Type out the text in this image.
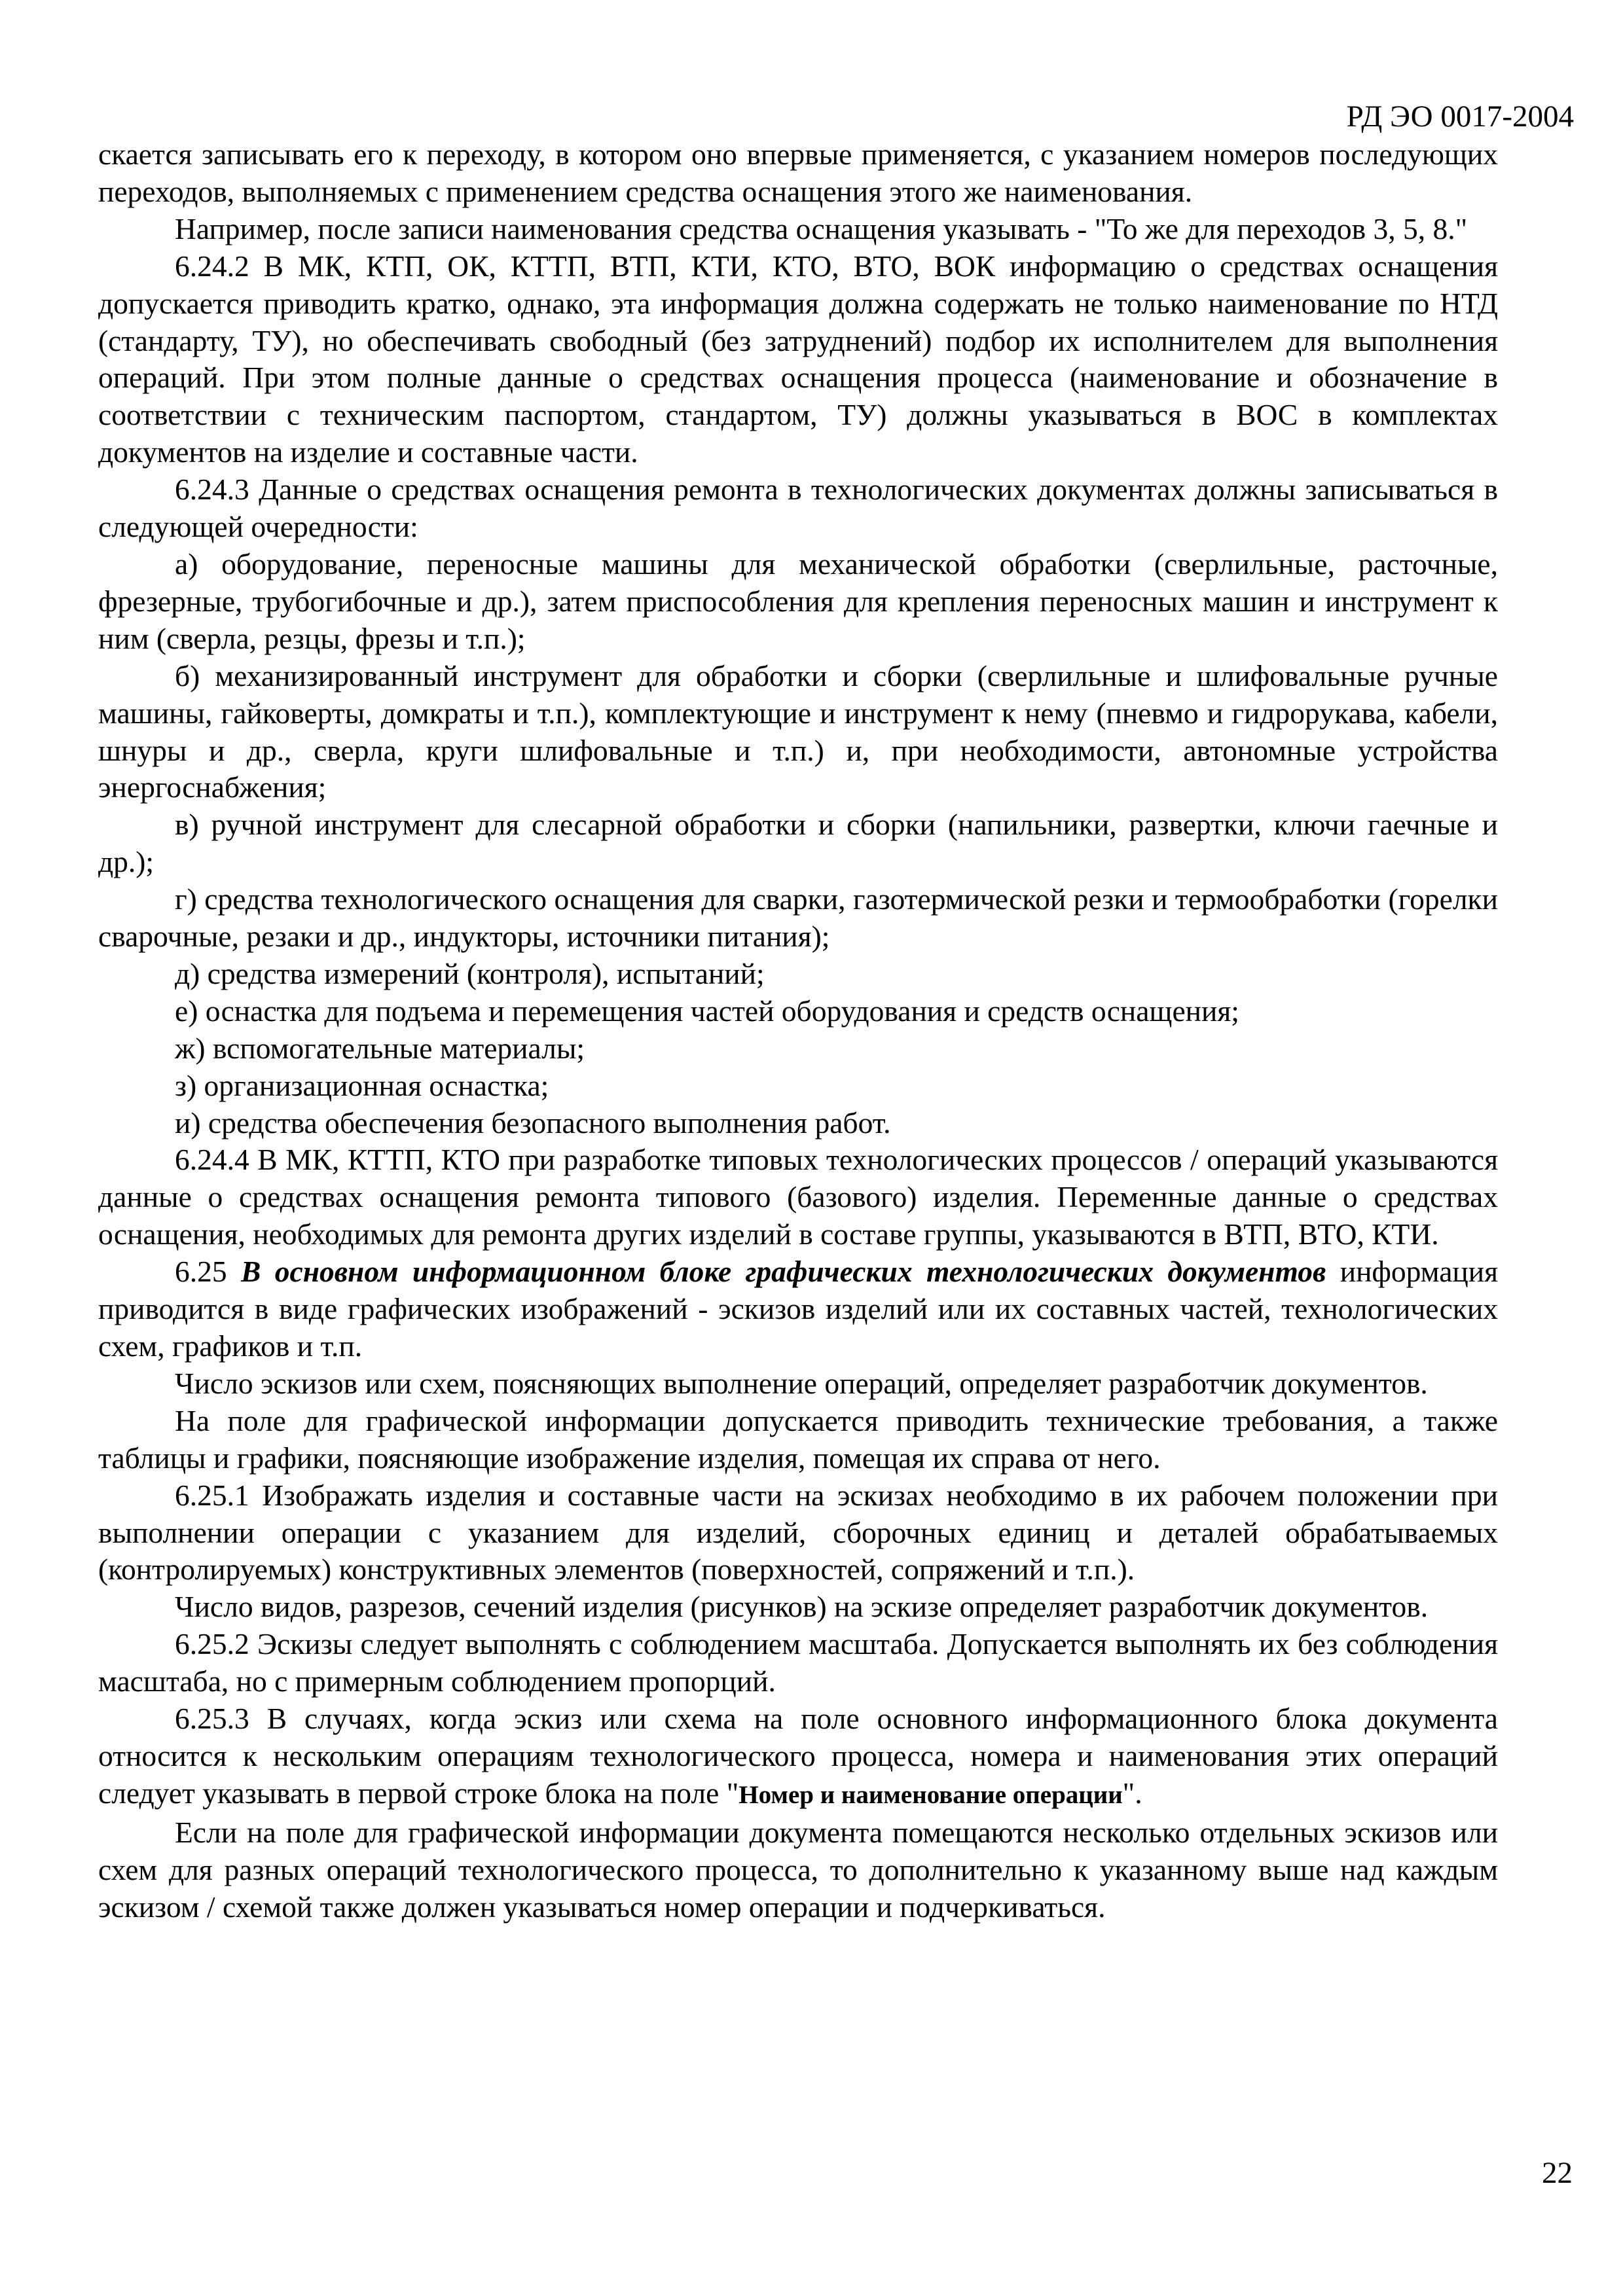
РД ЭО 0017-2004

скается записывать его к переходу, в котором оно впервые применяется, с указанием номеров последующих переходов, выполняемых с применением средства оснащения этого же наименования.

Например, после записи наименования средства оснащения указывать - "То же для переходов 3, 5, 8."

6.24.2 В МК, КТП, ОК, КТТП, ВТП, КТИ, КТО, ВТО, ВОК информацию о средствах оснащения допускается приводить кратко, однако, эта информация должна содержать не только наименование по НТД (стандарту, ТУ), но обеспечивать свободный (без затруднений) подбор их исполнителем для выполнения операций. При этом полные данные о средствах оснащения процесса (наименование и обозначение в соответствии с техническим паспортом, стандартом, ТУ) должны указываться в ВОС в комплектах документов на изделие и составные части.

6.24.3 Данные о средствах оснащения ремонта в технологических документах должны записываться в следующей очередности:

а) оборудование, переносные машины для механической обработки (сверлильные, расточные, фрезерные, трубогибочные и др.), затем приспособления для крепления переносных машин и инструмент к ним (сверла, резцы, фрезы и т.п.);

б) механизированный инструмент для обработки и сборки (сверлильные и шлифовальные ручные машины, гайковерты, домкраты и т.п.), комплектующие и инструмент к нему (пневмо и гидрорукава, кабели, шнуры и др., сверла, круги шлифовальные и т.п.) и, при необходимости, автономные устройства энергоснабжения;

в) ручной инструмент для слесарной обработки и сборки (напильники, развертки, ключи гаечные и др.);

г) средства технологического оснащения для сварки, газотермической резки и термообработки (горелки сварочные, резаки и др., индукторы, источники питания);

д) средства измерений (контроля), испытаний;

е) оснастка для подъема и перемещения частей оборудования и средств оснащения;

ж) вспомогательные материалы;

з) организационная оснастка;

и) средства обеспечения безопасного выполнения работ.

6.24.4 В МК, КТТП, КТО при разработке типовых технологических процессов / операций указываются данные о средствах оснащения ремонта типового (базового) изделия. Переменные данные о средствах оснащения, необходимых для ремонта других изделий в составе группы, указываются в ВТП, ВТО, КТИ.

6.25 В основном информационном блоке графических технологических документов информация приводится в виде графических изображений - эскизов изделий или их составных частей, технологических схем, графиков и т.п.

Число эскизов или схем, поясняющих выполнение операций, определяет разработчик документов.

На поле для графической информации допускается приводить технические требования, а также таблицы и графики, поясняющие изображение изделия, помещая их справа от него.

6.25.1 Изображать изделия и составные части на эскизах необходимо в их рабочем положении при выполнении операции с указанием для изделий, сборочных единиц и деталей обрабатываемых (контролируемых) конструктивных элементов (поверхностей, сопряжений и т.п.).

Число видов, разрезов, сечений изделия (рисунков) на эскизе определяет разработчик документов.

6.25.2 Эскизы следует выполнять с соблюдением масштаба. Допускается выполнять их без соблюдения масштаба, но с примерным соблюдением пропорций.

6.25.3 В случаях, когда эскиз или схема на поле основного информационного блока документа относится к нескольким операциям технологического процесса, номера и наименования этих операций следует указывать в первой строке блока на поле "Номер и наименование операции".

Если на поле для графической информации документа помещаются несколько отдельных эскизов или схем для разных операций технологического процесса, то дополнительно к указанному выше над каждым эскизом / схемой также должен указываться номер операции и подчеркиваться.

22
